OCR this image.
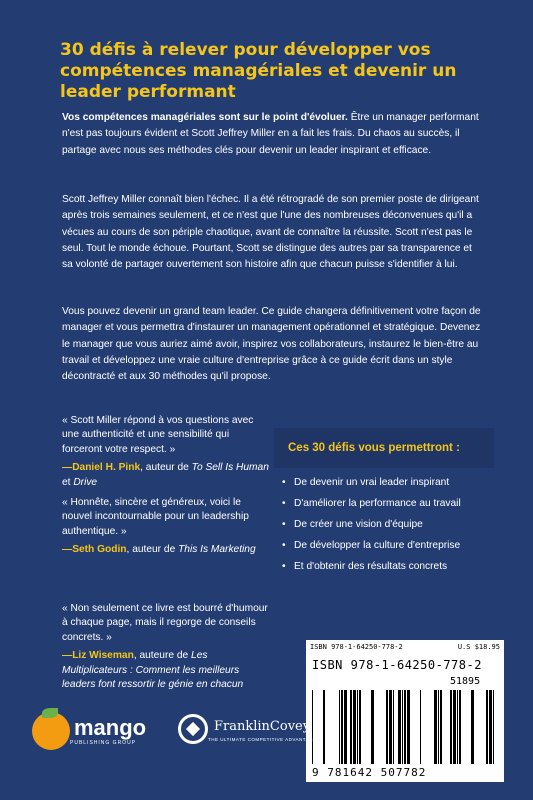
30 défis à relever pour développer vos compétences managériales et devenir un leader performant

Vos compétences managériales sont sur le point d'évoluer. Être un manager performant n'est pas toujours évident et Scott Jeffrey Miller en a fait les frais. Du chaos au succès, il partage avec nous ses méthodes clés pour devenir un leader inspirant et efficace.

Scott Jeffrey Miller connaît bien l'échec. Il a été rétrogradé de son premier poste de dirigeant après trois semaines seulement, et ce n'est que l'une des nombreuses déconvenues qu'il a vécues au cours de son périple chaotique, avant de connaître la réussite. Scott n'est pas le seul. Tout le monde échoue. Pourtant, Scott se distingue des autres par sa transparence et sa volonté de partager ouvertement son histoire afin que chacun puisse s'identifier à lui.

Vous pouvez devenir un grand team leader. Ce guide changera définitivement votre façon de manager et vous permettra d'instaurer un management opérationnel et stratégique. Devenez le manager que vous auriez aimé avoir, inspirez vos collaborateurs, instaurez le bien-être au travail et développez une vraie culture d'entreprise grâce à ce guide écrit dans un style décontracté et aux 30 méthodes qu'il propose.

« Scott Miller répond à vos questions avec une authenticité et une sensibilité qui forceront votre respect. »

—Daniel H. Pink, auteur de To Sell Is Human et Drive

« Honnête, sincère et généreux, voici le nouvel incontournable pour un leadership authentique. »

—Seth Godin, auteur de This Is Marketing

« Non seulement ce livre est bourré d'humour à chaque page, mais il regorge de conseils concrets. »

—Liz Wiseman, auteure de Les Multiplicateurs : Comment les meilleurs leaders font ressortir le génie en chacun

Ces 30 défis vous permettront :

• De devenir un vrai leader inspirant
• D'améliorer la performance au travail
• De créer une vision d'équipe
• De développer la culture d'entreprise
• Et d'obtenir des résultats concrets
ISBN 978-1-64250-778-2	U.S $18.95
ISBN 978-1-64250-778-2
51895
9 781642 507782
mango
PUBLISHING GROUP
FranklinCovey.
THE ULTIMATE COMPETITIVE ADVANTAGE
